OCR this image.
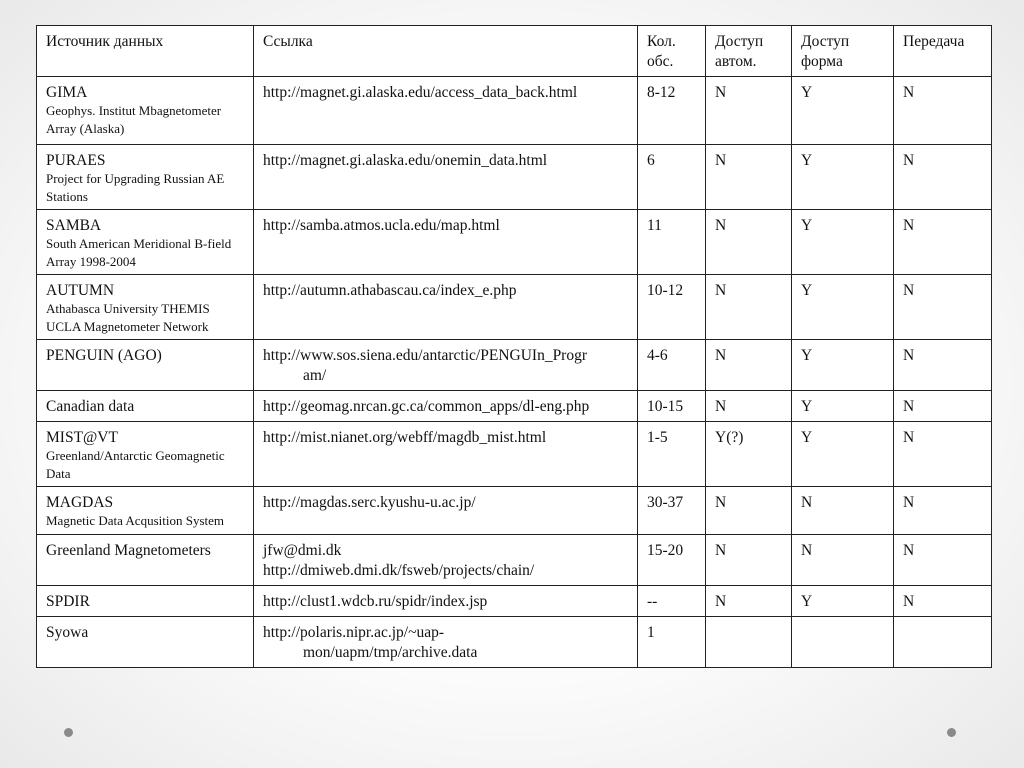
Источник данных	Ссылка	Кол. обс.	Доступ автом.	Доступ форма	Передача

GIMA
Geophys. Institut Mbagnetometer Array (Alaska)	http://magnet.gi.alaska.edu/access_data_back.html	8-12	N	Y	N

PURAES
Project for Upgrading Russian AE Stations	http://magnet.gi.alaska.edu/onemin_data.html	6	N	Y	N

SAMBA
South American Meridional B-field Array 1998-2004	http://samba.atmos.ucla.edu/map.html	11	N	Y	N

AUTUMN
Athabasca University THEMIS UCLA Magnetometer Network	http://autumn.athabascau.ca/index_e.php	10-12	N	Y	N

PENGUIN (AGO)	http://www.sos.siena.edu/antarctic/PENGUIn_Progr
am/	4-6	N	Y	N

Canadian data	http://geomag.nrcan.gc.ca/common_apps/dl-eng.php	10-15	N	Y	N

MIST@VT
Greenland/Antarctic Geomagnetic Data	http://mist.nianet.org/webff/magdb_mist.html	1-5	Y(?)	Y	N

MAGDAS
Magnetic Data Acqusition System	http://magdas.serc.kyushu-u.ac.jp/	30-37	N	N	N

Greenland Magnetometers	jfw@dmi.dk
http://dmiweb.dmi.dk/fsweb/projects/chain/	15-20	N	N	N

SPDIR	http://clust1.wdcb.ru/spidr/index.jsp	--	N	Y	N

Syowa	http://polaris.nipr.ac.jp/~uap-
mon/uapm/tmp/archive.data	1			
